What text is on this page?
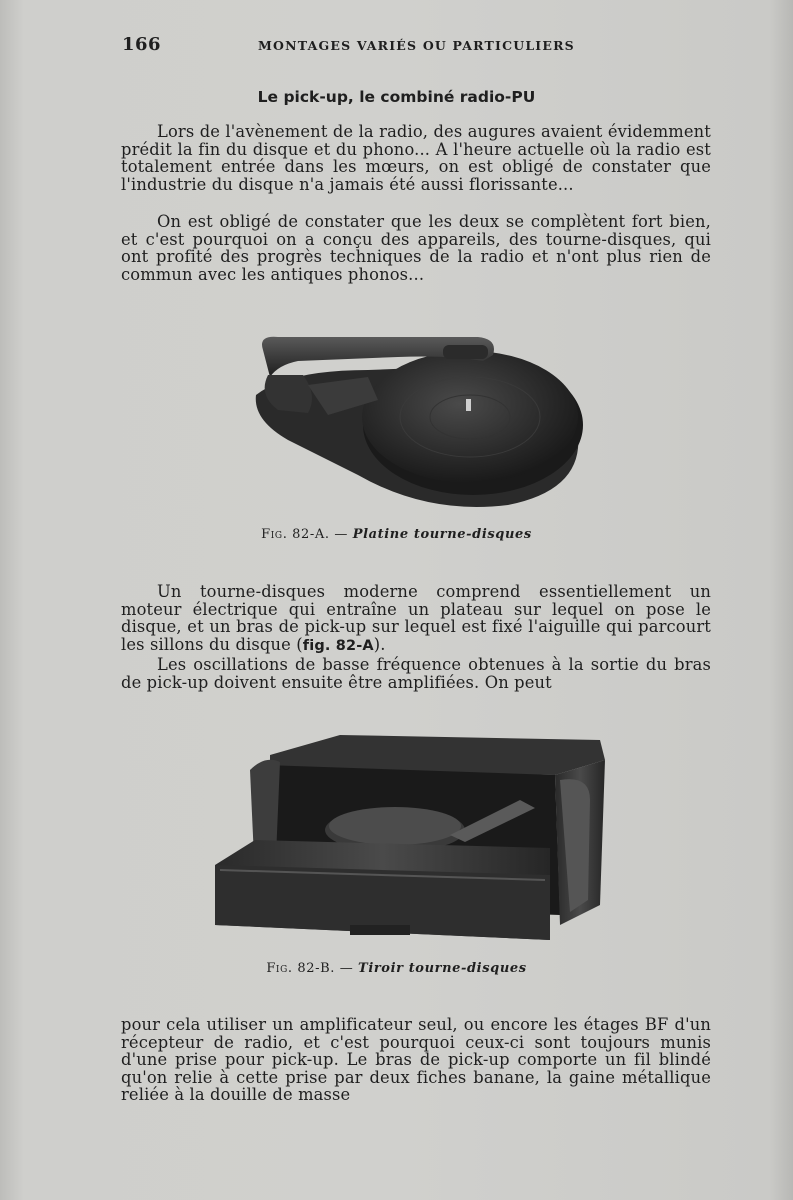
166	MONTAGES VARIÉS OU PARTICULIERS
Le pick-up, le combiné radio-PU

Lors de l'avènement de la radio, des augures avaient évidemment prédit la fin du disque et du phono... A l'heure actuelle où la radio est totalement entrée dans les mœurs, on est obligé de constater que l'industrie du disque n'a jamais été aussi florissante...

On est obligé de constater que les deux se complètent fort bien, et c'est pourquoi on a conçu des appareils, des tourne-disques, qui ont profité des progrès techniques de la radio et n'ont plus rien de commun avec les antiques phonos...

Fig. 82-A. — Platine tourne-disques

Un tourne-disques moderne comprend essentiellement un moteur électrique qui entraîne un plateau sur lequel on pose le disque, et un bras de pick-up sur lequel est fixé l'aiguille qui parcourt les sillons du disque (fig. 82-A).

Les oscillations de basse fréquence obtenues à la sortie du bras de pick-up doivent ensuite être amplifiées. On peut

Fig. 82-B. — Tiroir tourne-disques

pour cela utiliser un amplificateur seul, ou encore les étages BF d'un récepteur de radio, et c'est pourquoi ceux-ci sont toujours munis d'une prise pour pick-up. Le bras de pick-up comporte un fil blindé qu'on relie à cette prise par deux fiches banane, la gaine métallique reliée à la douille de masse
